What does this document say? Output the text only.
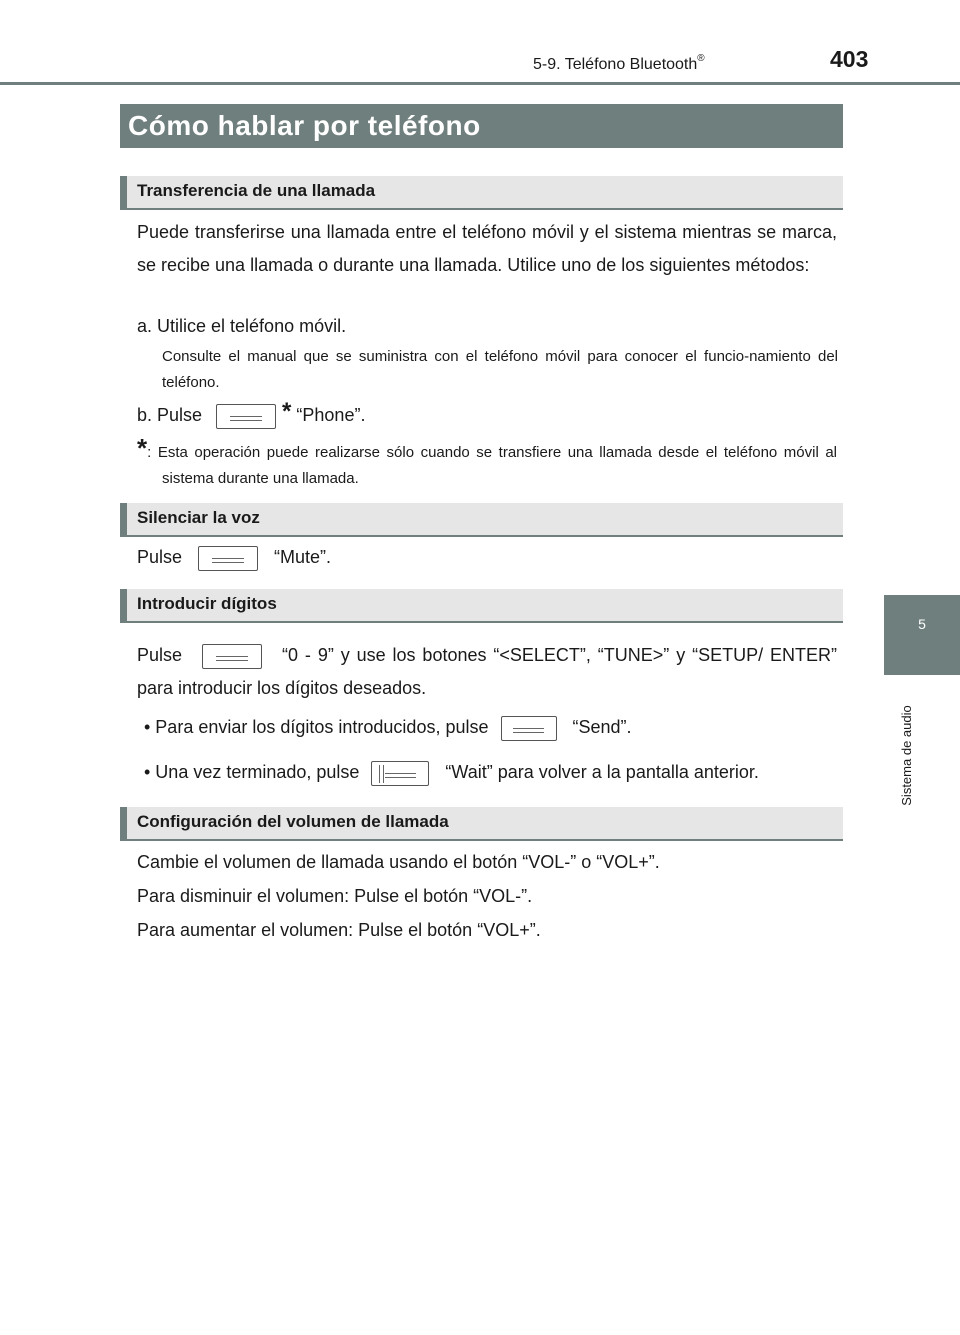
5-9. Teléfono Bluetooth®	403
5
Sistema de audio
Cómo hablar por teléfono
Transferencia de una llamada
Puede transferirse una llamada entre el teléfono móvil y el sistema mientras se marca, se recibe una llamada o durante una llamada. Utilice uno de los siguientes métodos:
a. Utilice el teléfono móvil.
Consulte el manual que se suministra con el teléfono móvil para conocer el funcio-namiento del teléfono.
b. Pulse	* “Phone”.
*: Esta operación puede realizarse sólo cuando se transfiere una llamada desde el teléfono móvil al sistema durante una llamada.
Silenciar la voz
Pulse	“Mute”.
Introducir dígitos
Pulse	“0 - 9” y use los botones “<SELECT”, “TUNE>” y “SETUP/ ENTER” para introducir los dígitos deseados.
• Para enviar los dígitos introducidos, pulse	“Send”.
• Una vez terminado, pulse	“Wait” para volver a la pantalla anterior.
Configuración del volumen de llamada
Cambie el volumen de llamada usando el botón “VOL-” o “VOL+”.
Para disminuir el volumen: Pulse el botón “VOL-”.
Para aumentar el volumen: Pulse el botón “VOL+”.
